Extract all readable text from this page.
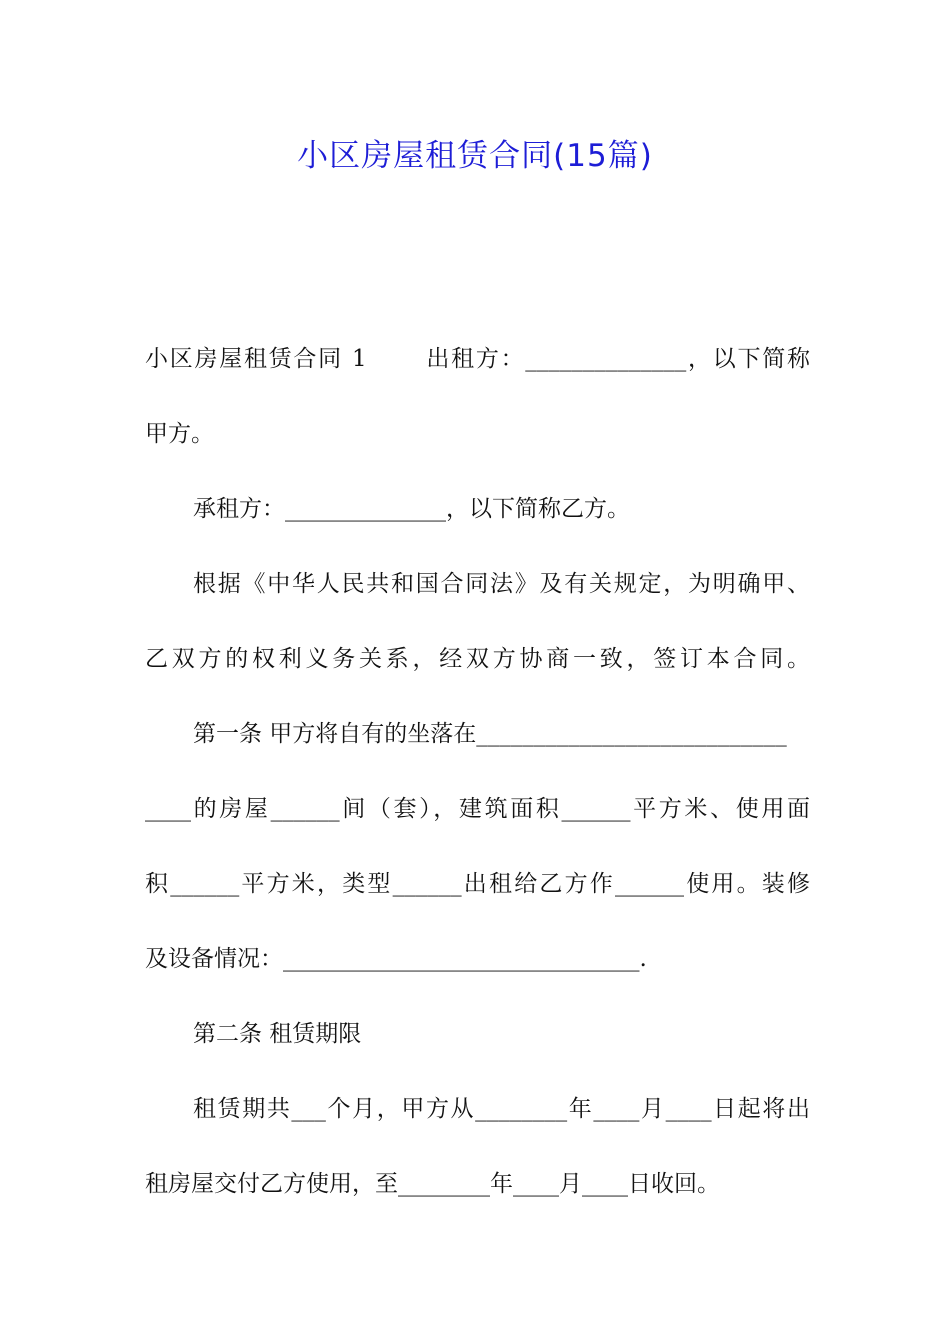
小区房屋租赁合同(15篇)
小区房屋租赁合同 1	出租方：______________，以下简称
甲方。
承租方：______________，以下简称乙方。
根据《中华人民共和国合同法》及有关规定，为明确甲、
乙双方的权利义务关系，经双方协商一致，签订本合同。
第一条 甲方将自有的坐落在___________________________
____的房屋______间（套），建筑面积______平方米、使用面
积______平方米，类型______出租给乙方作______使用。装修
及设备情况：_______________________________.
第二条 租赁期限
租赁期共___个月，甲方从________年____月____日起将出
租房屋交付乙方使用，至________年____月____日收回。
